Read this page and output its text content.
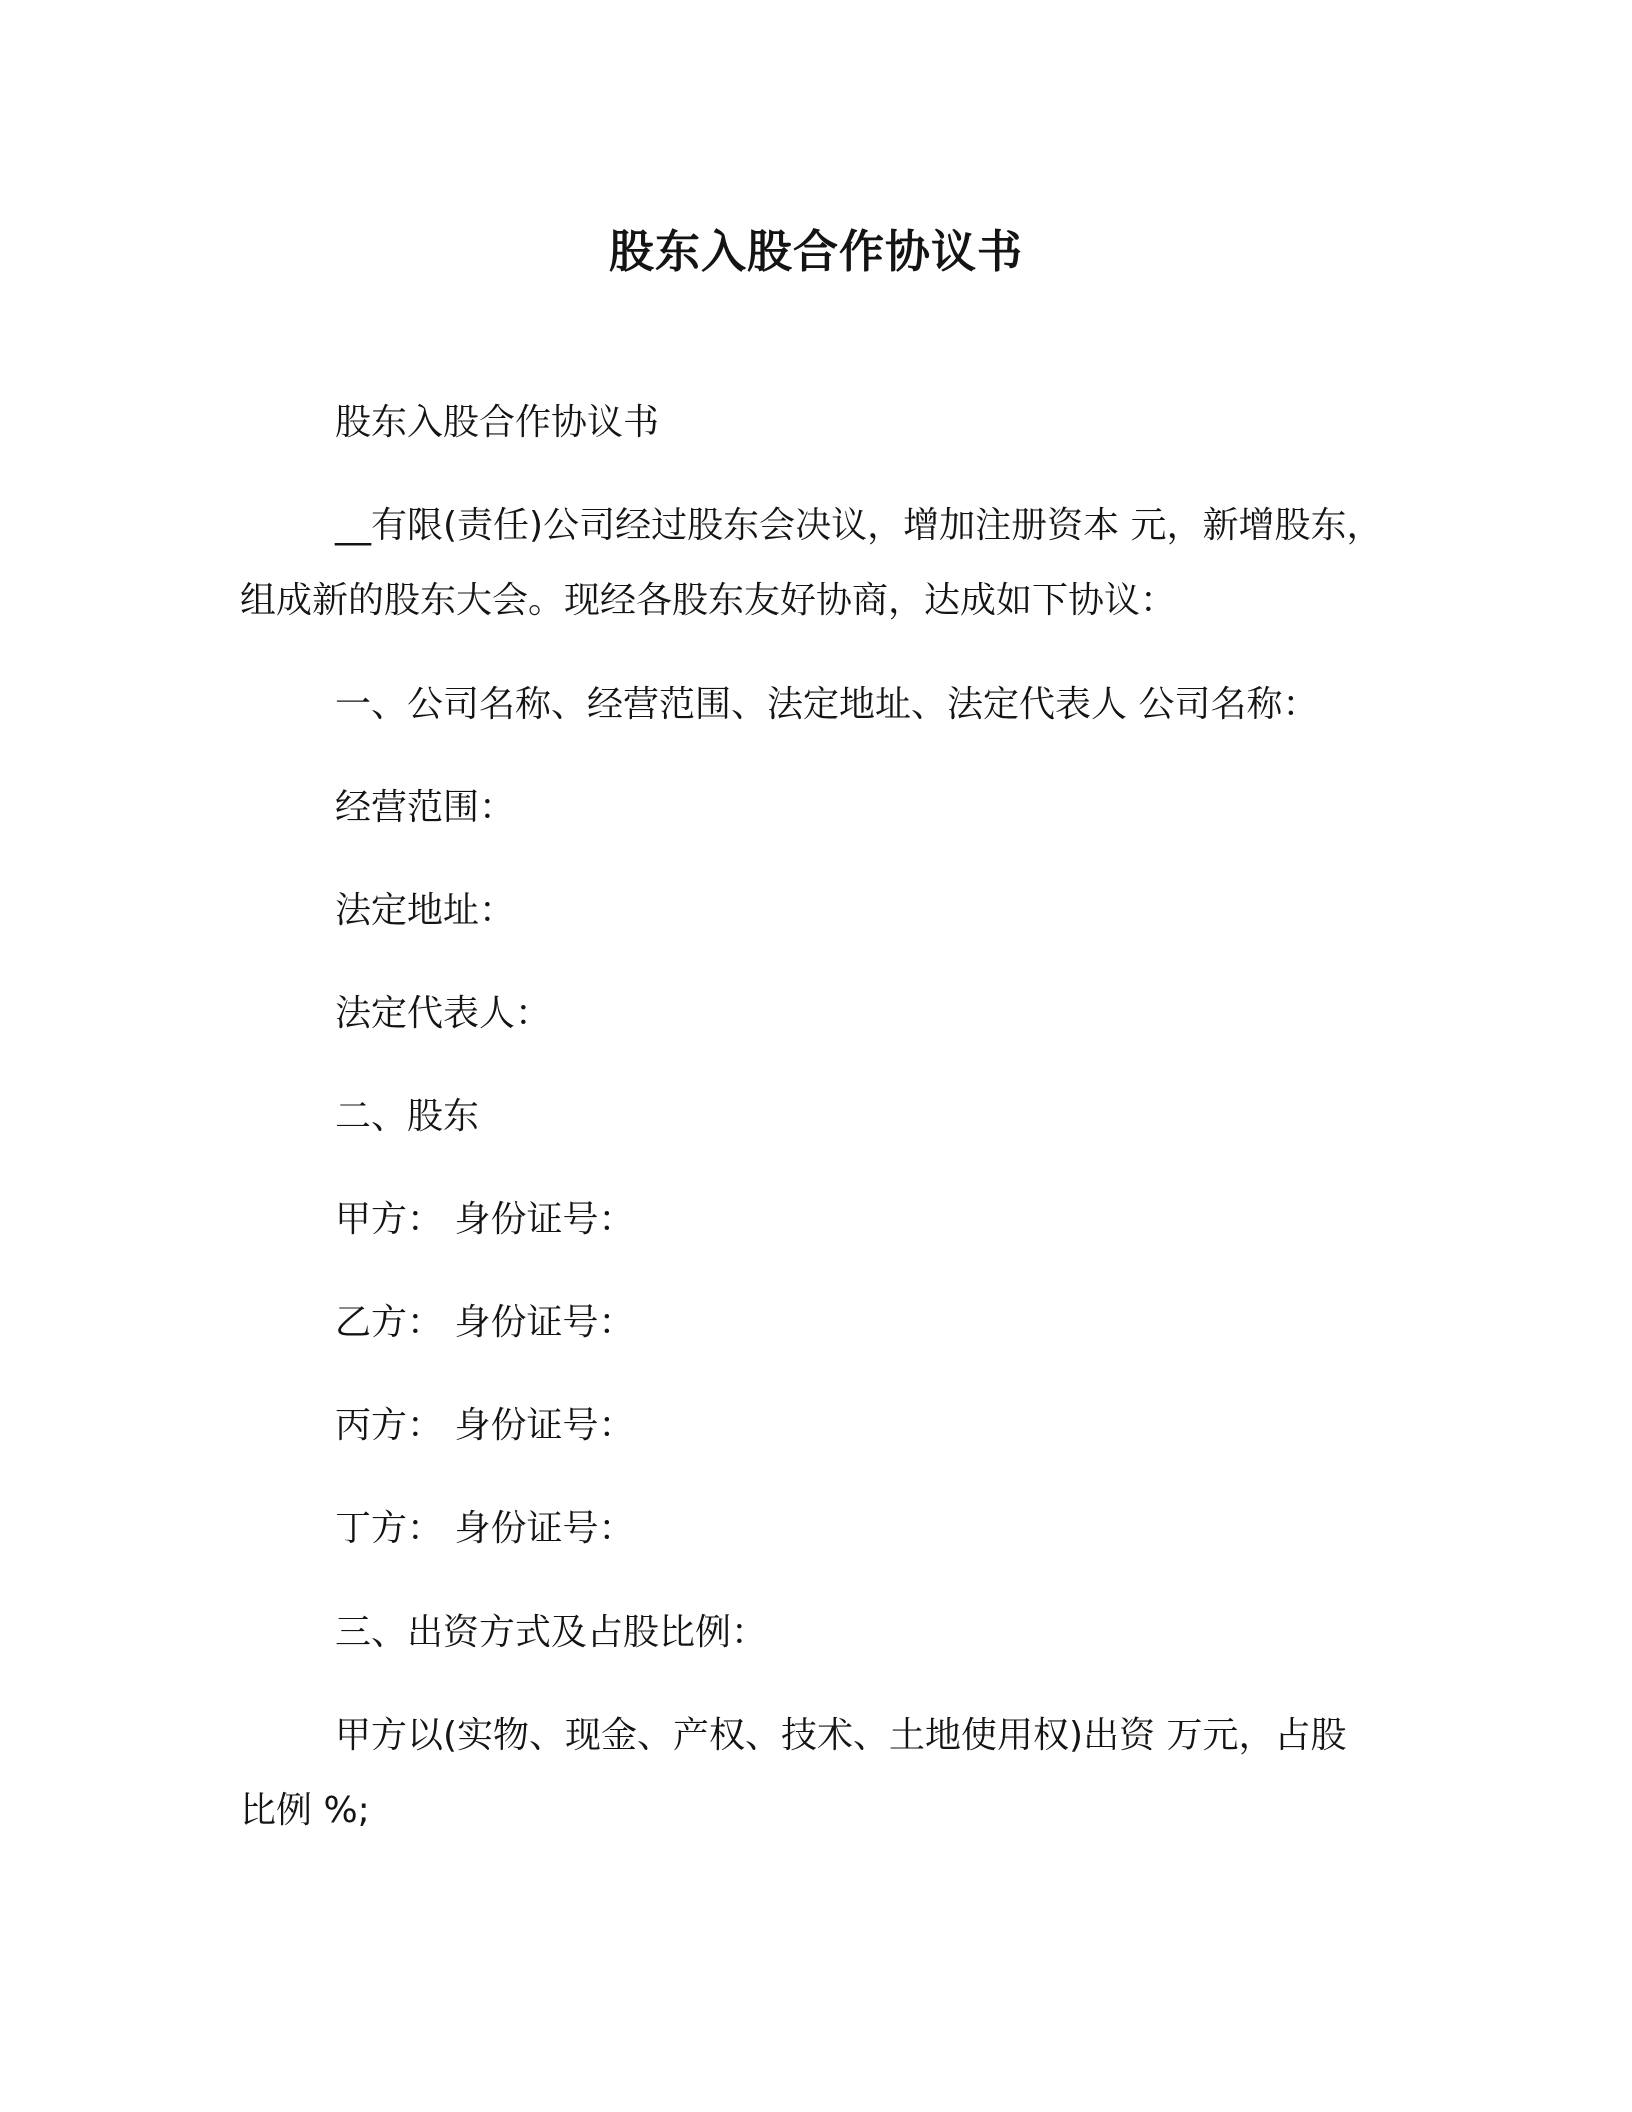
股东入股合作协议书
股东入股合作协议书
__有限(责任)公司经过股东会决议，增加注册资本 元，新增股东，
组成新的股东大会。现经各股东友好协商，达成如下协议：
一、公司名称、经营范围、法定地址、法定代表人 公司名称：
经营范围：
法定地址：
法定代表人：
二、股东
甲方： 身份证号：
乙方： 身份证号：
丙方： 身份证号：
丁方： 身份证号：
三、出资方式及占股比例：
甲方以(实物、现金、产权、技术、土地使用权)出资 万元，占股
比例 %;
